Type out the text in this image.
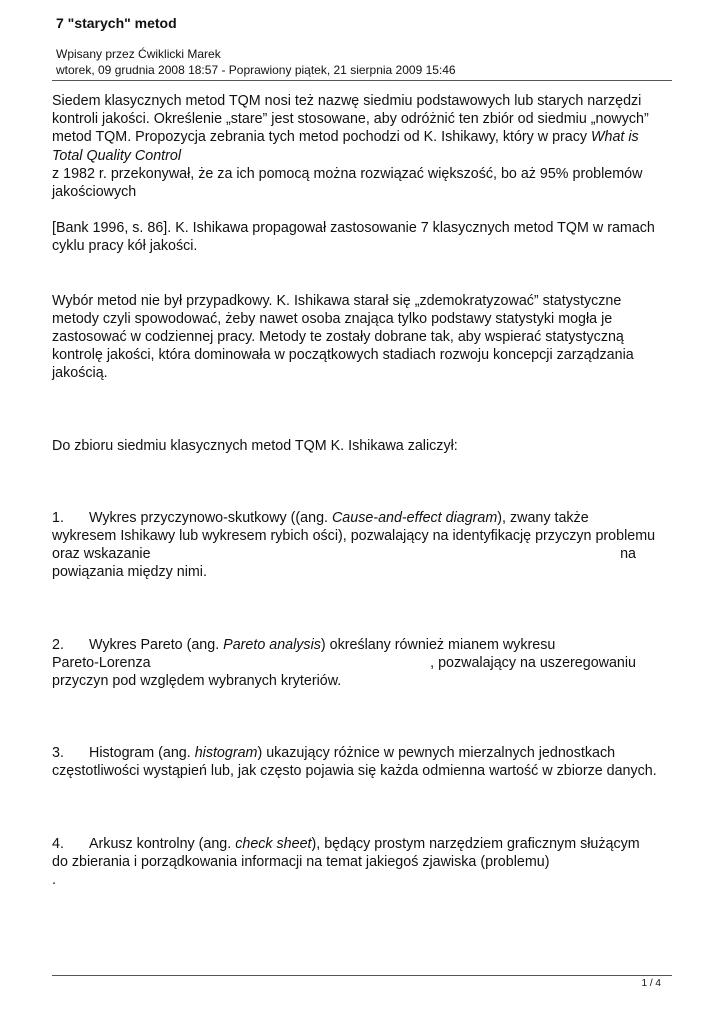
7 "starych" metod
Wpisany przez Ćwiklicki Marek
wtorek, 09 grudnia 2008 18:57 - Poprawiony piątek, 21 sierpnia 2009 15:46

Siedem klasycznych metod TQM nosi też nazwę siedmiu podstawowych lub starych narzędzi
kontroli jakości. Określenie „stare” jest stosowane, aby odróżnić ten zbiór od siedmiu „nowych”
metod TQM. Propozycja zebrania tych metod pochodzi od K. Ishikawy, który w pracy What is
Total Quality Control
z 1982 r. przekonywał, że za ich pomocą można rozwiązać większość, bo aż 95% problemów
jakościowych

[Bank 1996, s. 86]. K. Ishikawa propagował zastosowanie 7 klasycznych metod TQM w ramach
cyklu pracy kół jakości.

Wybór metod nie był przypadkowy. K. Ishikawa starał się „zdemokratyzować” statystyczne
metody czyli spowodować, żeby nawet osoba znająca tylko podstawy statystyki mogła je
zastosować w codziennej pracy. Metody te zostały dobrane tak, aby wspierać statystyczną
kontrolę jakości, która dominowała w początkowych stadiach rozwoju koncepcji zarządzania
jakością.

Do zbioru siedmiu klasycznych metod TQM K. Ishikawa zaliczył:

1. Wykres przyczynowo-skutkowy ((ang. Cause-and-effect diagram), zwany także
wykresem Ishikawy lub wykresem rybich ości), pozwalający na identyfikację przyczyn problemu
oraz wskazanie	na
powiązania między nimi.

2. Wykres Pareto (ang. Pareto analysis) określany również mianem wykresu
Pareto-Lorenza	, pozwalający na uszeregowaniu
przyczyn pod względem wybranych kryteriów.

3. Histogram (ang. histogram) ukazujący różnice w pewnych mierzalnych jednostkach
częstotliwości wystąpień lub, jak często pojawia się każda odmienna wartość w zbiorze danych.

4. Arkusz kontrolny (ang. check sheet), będący prostym narzędziem graficznym służącym
do zbierania i porządkowania informacji na temat jakiegoś zjawiska (problemu)
.

1 / 4
